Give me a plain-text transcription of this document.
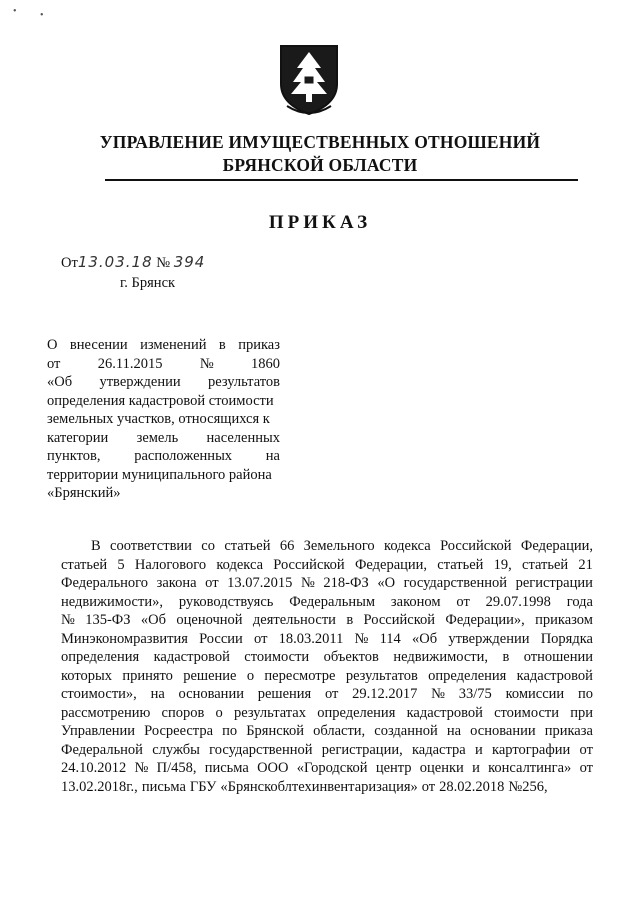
• •
УПРАВЛЕНИЕ ИМУЩЕСТВЕННЫХ ОТНОШЕНИЙ
БРЯНСКОЙ ОБЛАСТИ
ПРИКАЗ
От13.03.18 № 394
г. Брянск
О внесении изменений в приказ
от	26.11.2015	№	1860
«Об утверждении результатов
определения кадастровой стоимости
земельных участков, относящихся к
категории земель населенных
пунктов, расположенных на
территории муниципального района
«Брянский»
В соответствии со статьей 66 Земельного кодекса Российской Федерации,
статьей 5 Налогового кодекса Российской Федерации, статьей 19, статьей 21
Федерального закона от 13.07.2015 № 218-ФЗ «О государственной регистрации
недвижимости», руководствуясь Федеральным законом от 29.07.1998 года
№ 135-ФЗ «Об оценочной деятельности в Российской Федерации», приказом
Минэкономразвития России от 18.03.2011 № 114 «Об утверждении Порядка
определения кадастровой стоимости объектов недвижимости, в отношении
которых принято решение о пересмотре результатов определения кадастровой
стоимости», на основании решения от 29.12.2017 № 33/75 комиссии по
рассмотрению споров о результатах определения кадастровой стоимости при
Управлении Росреестра по Брянской области, созданной на основании приказа
Федеральной службы государственной регистрации, кадастра и картографии от
24.10.2012 № П/458, письма ООО «Городской центр оценки и консалтинга» от
13.02.2018г., письма ГБУ «Брянскоблтехинвентаризация» от 28.02.2018 №256,
